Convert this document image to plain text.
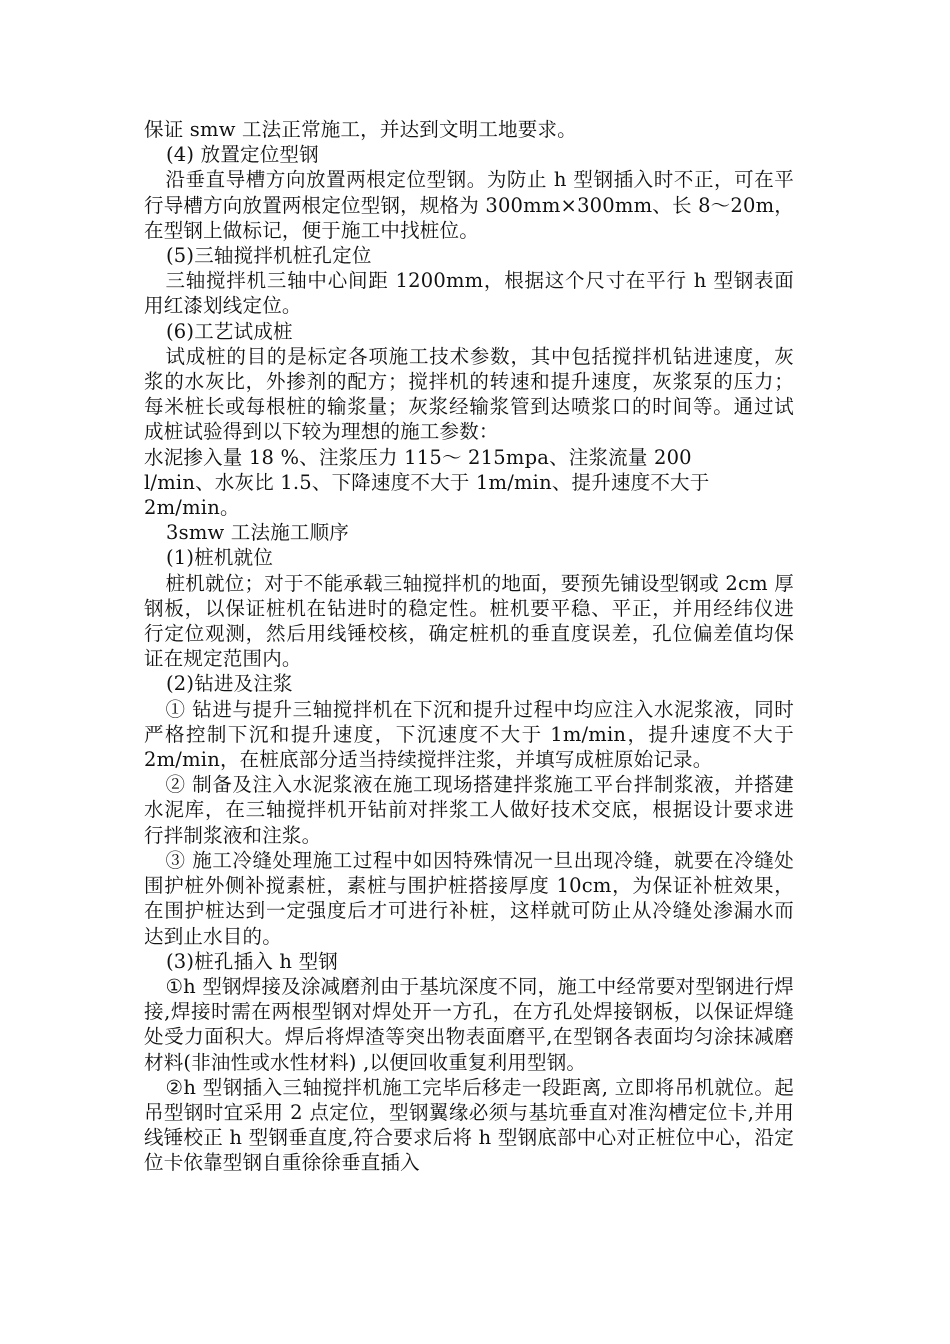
保证 smw 工法正常施工，并达到文明工地要求。

(4) 放置定位型钢

沿垂直导槽方向放置两根定位型钢。为防止 h 型钢插入时不正，可在平行导槽方向放置两根定位型钢，规格为 300mm×300mm、长 8～20m，在型钢上做标记，便于施工中找桩位。

(5)三轴搅拌机桩孔定位

三轴搅拌机三轴中心间距 1200mm，根据这个尺寸在平行 h 型钢表面用红漆划线定位。

(6)工艺试成桩

试成桩的目的是标定各项施工技术参数，其中包括搅拌机钻进速度，灰浆的水灰比，外掺剂的配方；搅拌机的转速和提升速度，灰浆泵的压力；每米桩长或每根桩的输浆量；灰浆经输浆管到达喷浆口的时间等。通过试成桩试验得到以下较为理想的施工参数：

水泥掺入量 18 %、注浆压力 115～ 215mpa、注浆流量 200
l/min、水灰比 1.5、下降速度不大于 1m/min、提升速度不大于
2m/min。

3smw 工法施工顺序

(1)桩机就位

桩机就位；对于不能承载三轴搅拌机的地面，要预先铺设型钢或 2cm 厚钢板，以保证桩机在钻进时的稳定性。桩机要平稳、平正，并用经纬仪进行定位观测，然后用线锤校核，确定桩机的垂直度误差，孔位偏差值均保证在规定范围内。

(2)钻进及注浆

① 钻进与提升三轴搅拌机在下沉和提升过程中均应注入水泥浆液，同时严格控制下沉和提升速度，下沉速度不大于 1m/min，提升速度不大于 2m/min，在桩底部分适当持续搅拌注浆，并填写成桩原始记录。

② 制备及注入水泥浆液在施工现场搭建拌浆施工平台拌制浆液，并搭建水泥库，在三轴搅拌机开钻前对拌浆工人做好技术交底，根据设计要求进行拌制浆液和注浆。

③ 施工冷缝处理施工过程中如因特殊情况一旦出现冷缝，就要在冷缝处围护桩外侧补搅素桩，素桩与围护桩搭接厚度 10cm，为保证补桩效果，在围护桩达到一定强度后才可进行补桩，这样就可防止从冷缝处渗漏水而达到止水目的。

(3)桩孔插入 h 型钢

①h 型钢焊接及涂减磨剂由于基坑深度不同，施工中经常要对型钢进行焊接,焊接时需在两根型钢对焊处开一方孔，在方孔处焊接钢板，以保证焊缝处受力面积大。焊后将焊渣等突出物表面磨平,在型钢各表面均匀涂抹减磨材料(非油性或水性材料) ,以便回收重复利用型钢。

②h 型钢插入三轴搅拌机施工完毕后移走一段距离, 立即将吊机就位。起吊型钢时宜采用 2 点定位，型钢翼缘必须与基坑垂直对准沟槽定位卡,并用线锤校正 h 型钢垂直度,符合要求后将 h 型钢底部中心对正桩位中心，沿定位卡依靠型钢自重徐徐垂直插入
